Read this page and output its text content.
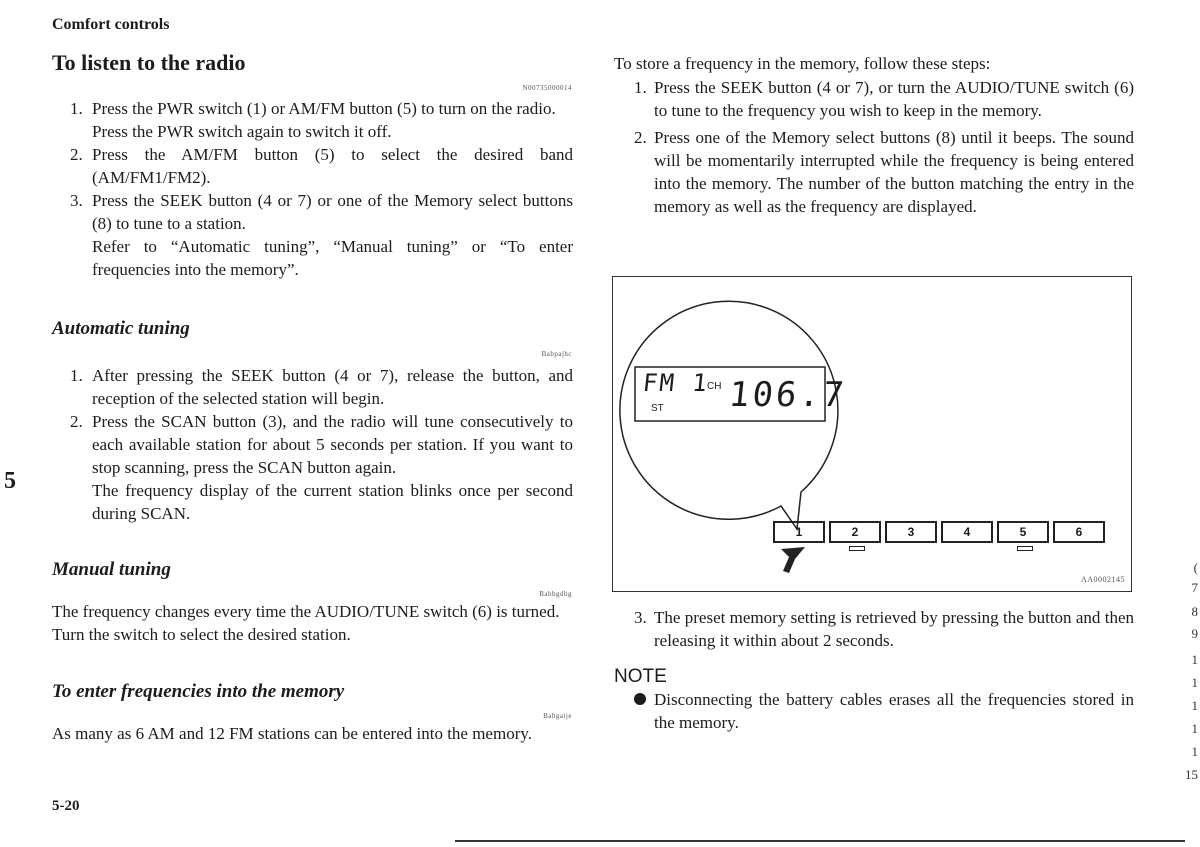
Comfort controls
To listen to the radio
N00735000014
1. Press the PWR switch (1) or AM/FM button (5) to turn on the radio.
Press the PWR switch again to switch it off.
2. Press the AM/FM button (5) to select the desired band (AM/FM1/FM2).
3. Press the SEEK button (4 or 7) or one of the Memory select buttons (8) to tune to a station.
Refer to “Automatic tuning”, “Manual tuning” or “To enter frequencies into the memory”.
Automatic tuning
Babpajhc
1. After pressing the SEEK button (4 or 7), release the button, and reception of the selected station will begin.
2. Press the SCAN button (3), and the radio will tune consecutively to each available station for about 5 seconds per station. If you want to stop scanning, press the SCAN button again.
The frequency display of the current station blinks once per second during SCAN.
Manual tuning
Babbgdbg
The frequency changes every time the AUDIO/TUNE switch (6) is turned.
Turn the switch to select the desired station.
To enter frequencies into the memory
Babgaije
As many as 6 AM and 12 FM stations can be entered into the memory.
5
5-20
To store a frequency in the memory, follow these steps:
1. Press the SEEK button (4 or 7), or turn the AUDIO/TUNE switch (6) to tune to the frequency you wish to keep in the memory.
2. Press one of the Memory select buttons (8) until it beeps. The sound will be momentarily interrupted while the frequency is being entered into the memory. The number of the button matching the entry in the memory as well as the frequency are displayed.
FM 1
CH
ST 106.7
1	2	3	4	5	6
AA0002145
3. The preset memory setting is retrieved by pressing the button and then releasing it within about 2 seconds.
NOTE
Disconnecting the battery cables erases all the frequencies stored in the memory.
(
7
8
9
1
1
1
1
1
15
